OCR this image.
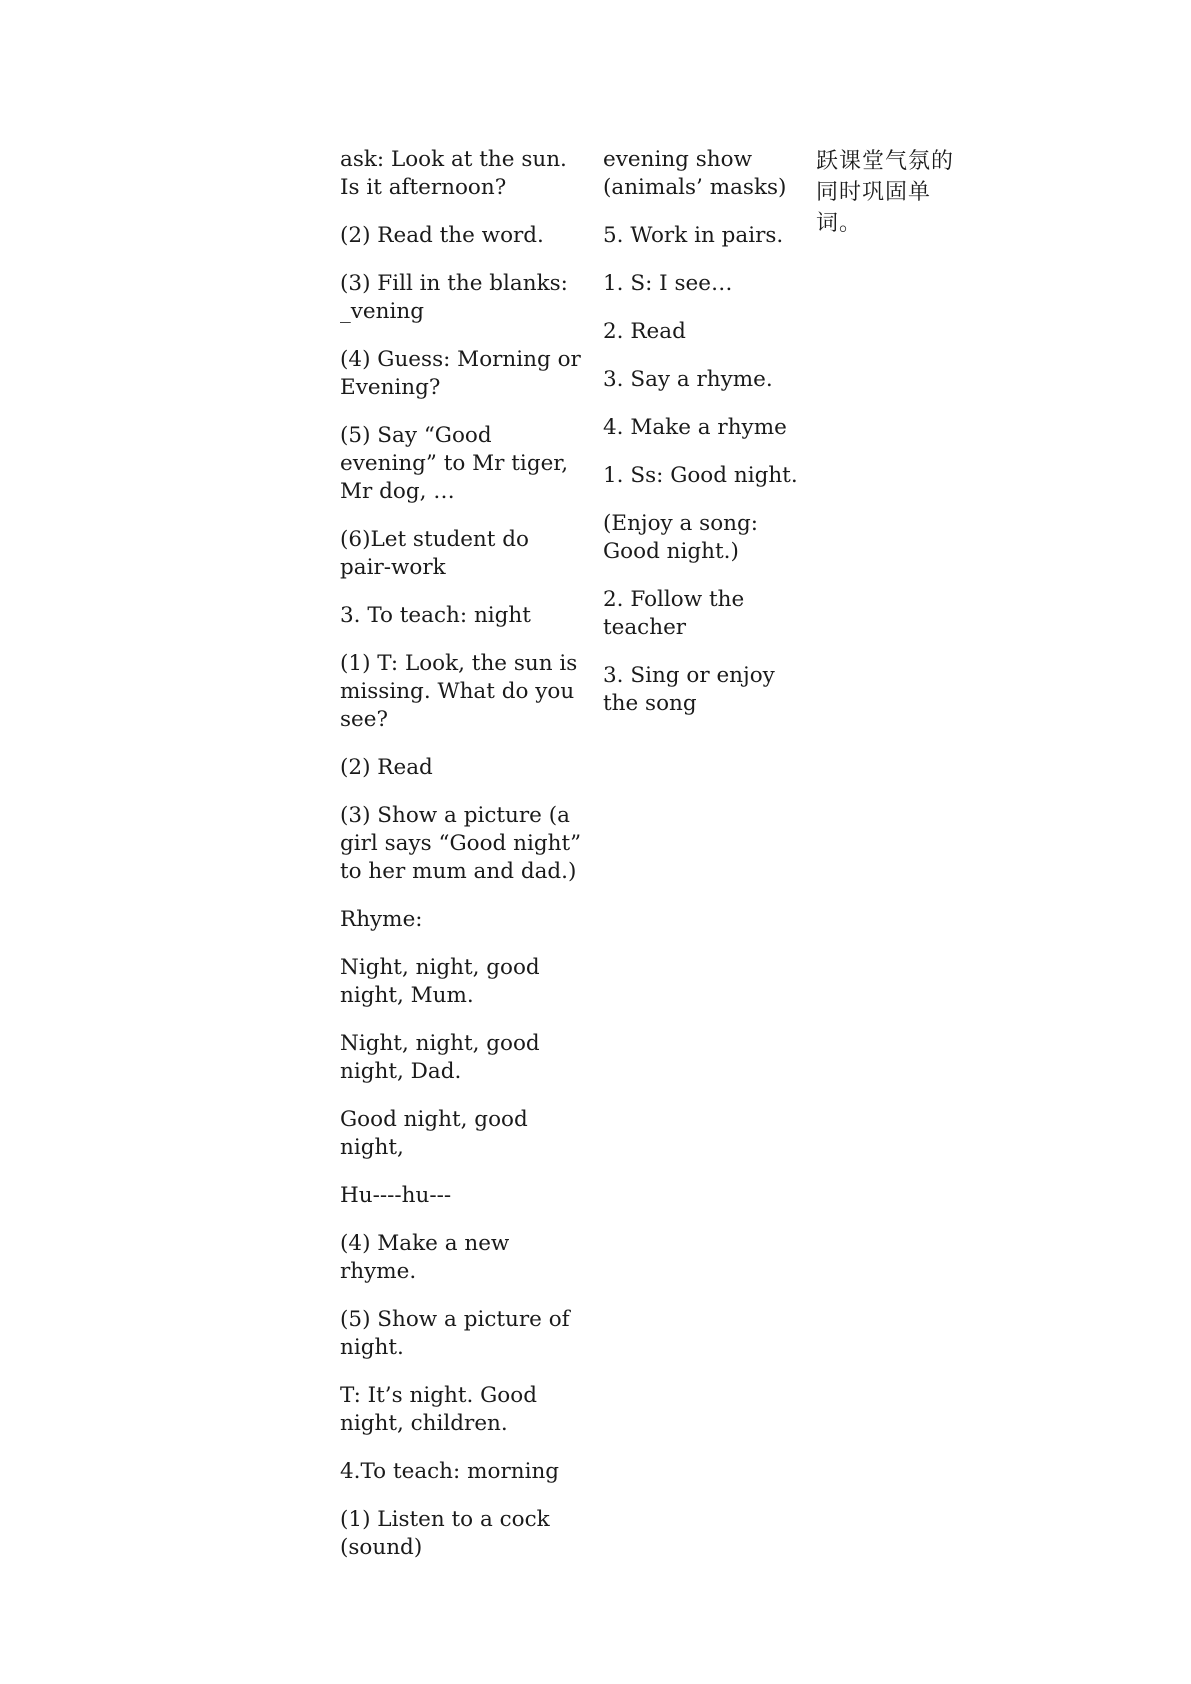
ask: Look at the sun. Is it afternoon?

(2) Read the word.

(3) Fill in the blanks: _vening

(4) Guess: Morning or Evening?

(5) Say “Good evening” to Mr tiger, Mr dog, …

(6)Let student do pair-work

3. To teach: night

(1) T: Look, the sun is missing. What do you see?

(2) Read

(3) Show a picture (a girl says “Good night” to her mum and dad.)

Rhyme:

Night, night, good night, Mum.

Night, night, good night, Dad.

Good night, good night,

Hu----hu---

(4) Make a new rhyme.

(5) Show a picture of night.

T: It’s night. Good night, children.

4.To teach: morning

(1) Listen to a cock (sound)

evening show (animals’ masks)

5. Work in pairs.

1. S: I see…

2. Read

3. Say a rhyme.

4. Make a rhyme

1. Ss: Good night.

(Enjoy a song: Good night.)

2. Follow the teacher

3. Sing or enjoy the song

跃课堂气氛的同时巩固单词。
